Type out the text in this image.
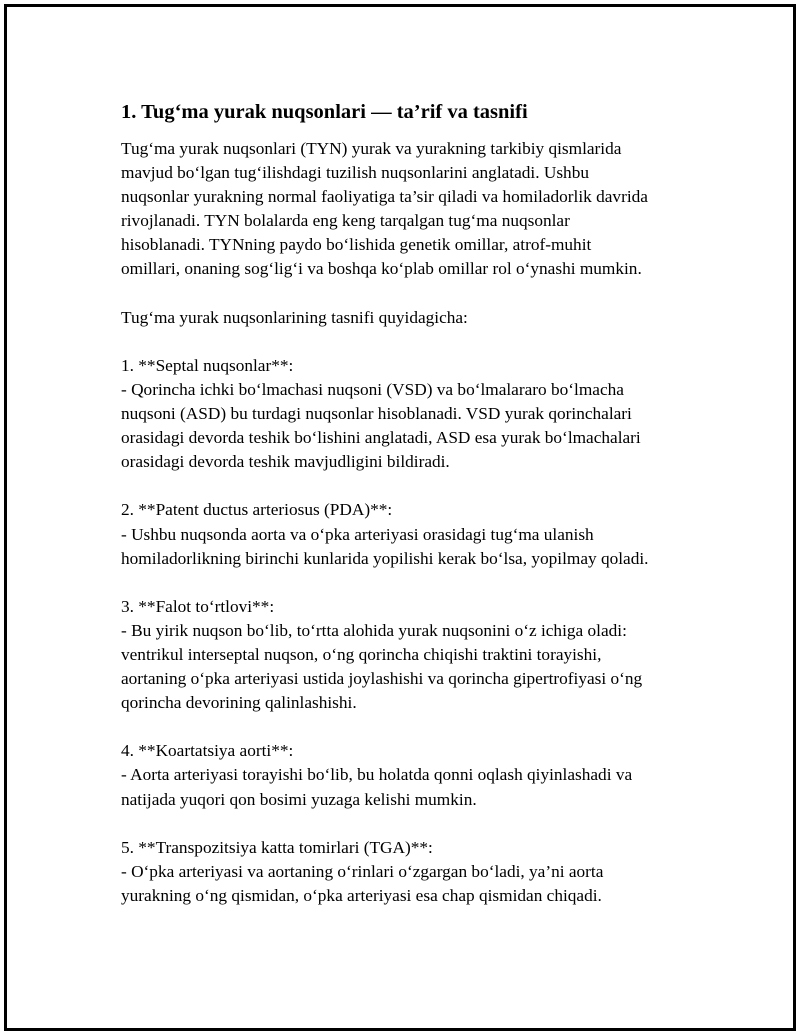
1. Tug‘ma yurak nuqsonlari — ta’rif va tasnifi

Tug‘ma yurak nuqsonlari (TYN) yurak va yurakning tarkibiy qismlarida
mavjud bo‘lgan tug‘ilishdagi tuzilish nuqsonlarini anglatadi. Ushbu
nuqsonlar yurakning normal faoliyatiga ta’sir qiladi va homiladorlik davrida
rivojlanadi. TYN bolalarda eng keng tarqalgan tug‘ma nuqsonlar
hisoblanadi. TYNning paydo bo‘lishida genetik omillar, atrof-muhit
omillari, onaning sog‘lig‘i va boshqa ko‘plab omillar rol o‘ynashi mumkin.

Tug‘ma yurak nuqsonlarining tasnifi quyidagicha:

1. **Septal nuqsonlar**:

- Qorincha ichki bo‘lmachasi nuqsoni (VSD) va bo‘lmalararo bo‘lmacha
nuqsoni (ASD) bu turdagi nuqsonlar hisoblanadi. VSD yurak qorinchalari
orasidagi devorda teshik bo‘lishini anglatadi, ASD esa yurak bo‘lmachalari
orasidagi devorda teshik mavjudligini bildiradi.

2. **Patent ductus arteriosus (PDA)**:

- Ushbu nuqsonda aorta va o‘pka arteriyasi orasidagi tug‘ma ulanish
homiladorlikning birinchi kunlarida yopilishi kerak bo‘lsa, yopilmay qoladi.

3. **Falot to‘rtlovi**:

- Bu yirik nuqson bo‘lib, to‘rtta alohida yurak nuqsonini o‘z ichiga oladi:
ventrikul interseptal nuqson, o‘ng qorincha chiqishi traktini torayishi,
aortaning o‘pka arteriyasi ustida joylashishi va qorincha gipertrofiyasi o‘ng
qorincha devorining qalinlashishi.

4. **Koartatsiya aorti**:

- Aorta arteriyasi torayishi bo‘lib, bu holatda qonni oqlash qiyinlashadi va
natijada yuqori qon bosimi yuzaga kelishi mumkin.

5. **Transpozitsiya katta tomirlari (TGA)**:

- O‘pka arteriyasi va aortaning o‘rinlari o‘zgargan bo‘ladi, ya’ni aorta
yurakning o‘ng qismidan, o‘pka arteriyasi esa chap qismidan chiqadi.
